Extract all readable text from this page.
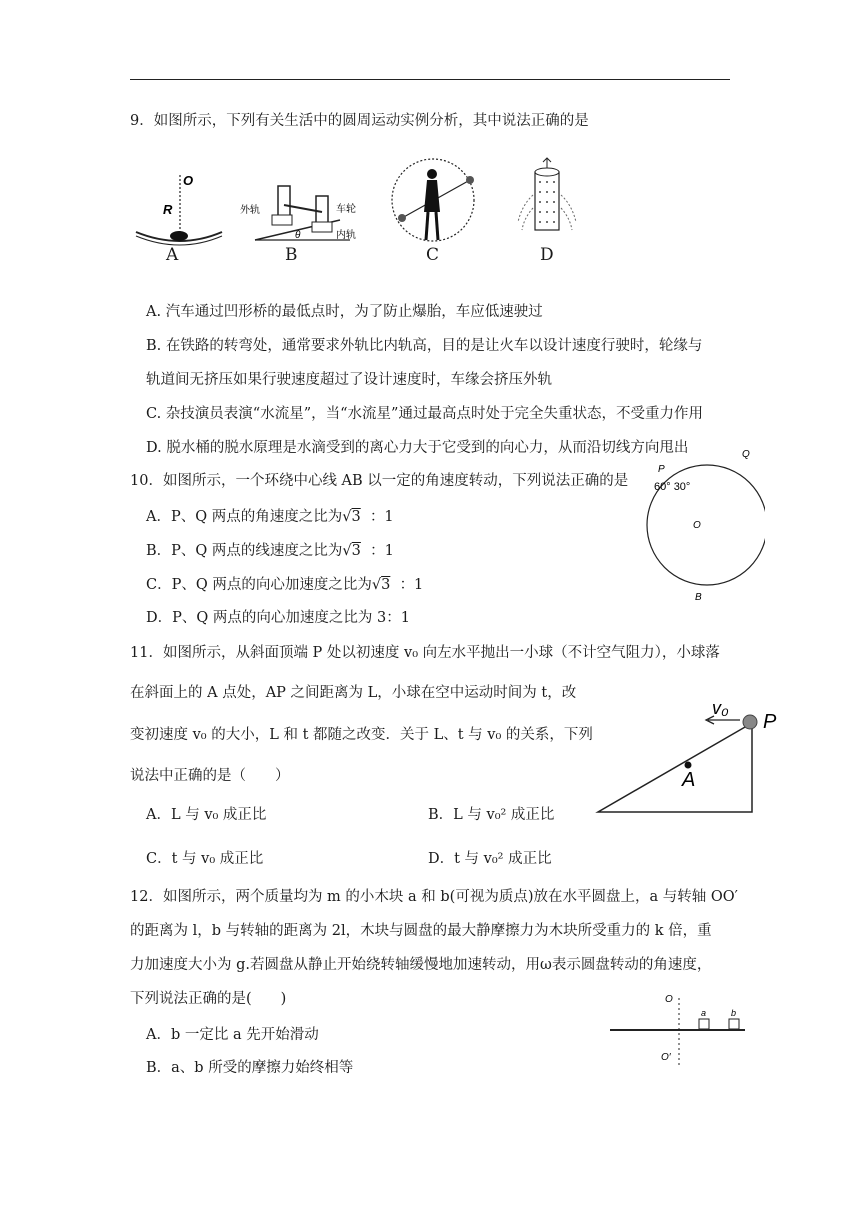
9．如图所示，下列有关生活中的圆周运动实例分析，其中说法正确的是
O
R	外轨	车轮
θ	内轨
A	B	C	D
A. 汽车通过凹形桥的最低点时，为了防止爆胎，车应低速驶过
B. 在铁路的转弯处，通常要求外轨比内轨高，目的是让火车以设计速度行驶时，轮缘与
轨道间无挤压如果行驶速度超过了设计速度时，车缘会挤压外轨
C. 杂技演员表演“水流星”，当“水流星”通过最高点时处于完全失重状态，不受重力作用
D. 脱水桶的脱水原理是水滴受到的离心力大于它受到的向心力，从而沿切线方向甩出
10．如图所示，一个环绕中心线 AB 以一定的角速度转动，下列说法正确的是
P
Q
60° 30°
O
B
A．P、Q 两点的角速度之比为√3 ：1
B．P、Q 两点的线速度之比为√3 ：1
C．P、Q 两点的向心加速度之比为√3 ：1
D．P、Q 两点的向心加速度之比为 3：1
11．如图所示，从斜面顶端 P 处以初速度 v₀ 向左水平抛出一小球（不计空气阻力），小球落
在斜面上的 A 点处，AP 之间距离为 L，小球在空中运动时间为 t，改
变初速度 v₀ 的大小，L 和 t 都随之改变．关于 L、t 与 v₀ 的关系，下列
说法中正确的是（　　）
v₀
P
A
A．L 与 v₀ 成正比	B．L 与 v₀² 成正比
C．t 与 v₀ 成正比	D．t 与 v₀² 成正比
12．如图所示，两个质量均为 m 的小木块 a 和 b(可视为质点)放在水平圆盘上，a 与转轴 OO′
的距离为 l，b 与转轴的距离为 2l，木块与圆盘的最大静摩擦力为木块所受重力的 k 倍，重
力加速度大小为 g.若圆盘从静止开始绕转轴缓慢地加速转动，用ω表示圆盘转动的角速度，
下列说法正确的是(　　)	O
O′
a	b
A．b 一定比 a 先开始滑动
B．a、b 所受的摩擦力始终相等
